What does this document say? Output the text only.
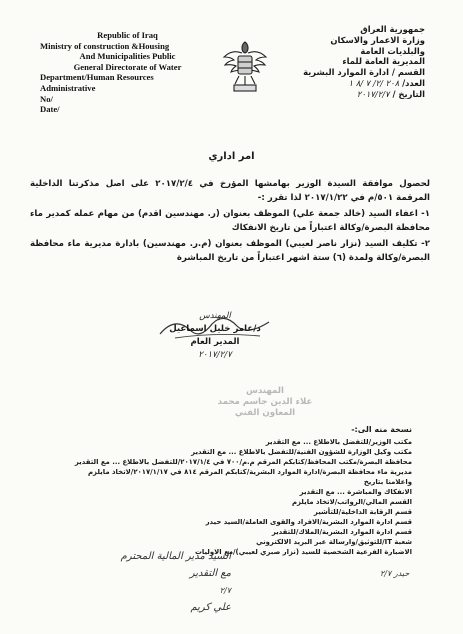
Republic of Iraq
Ministry of construction &Housing
And Municipalities Public
General Directorate of Water
Department/Human Resources
Administrative
No/
Date/
جمهورية العراق
وزارة الاعمار والاسكان
والبلديات العامة
المديرية العامة للماء
القسم / ادارة الموارد البشرية
العدد/ ٢٠٨ /٢/ ٧ /٨ ١
التاريخ / ٢٠١٧/٢/٧
امر اداري

لحصول موافقة السيدة الوزير بهامشها المؤرخ في ٢٠١٧/٢/٤ على اصل مذكرتنا الداخلية المرقمة ٥٠١/م في ٢٠١٧/١/٢٢ لذا تقرر :-

١- اعفاء السيد (خالد جمعة علي) الموظف بعنوان (ر. مهندسين اقدم) من مهام عمله كمدير ماء محافظة البصرة/وكالة اعتباراً من تاريخ الانفكاك

٢- تكليف السيد (نزار ناصر لعيبي) الموظف بعنوان (م.ر. مهندسين) بادارة مديرية ماء محافظة البصرة/وكالة ولمدة (٦) ستة اشهر اعتباراً من تاريخ المباشرة

المهندس
د/عامر خليل اسماعيل
المدير العام
٢٠١٧/٢/٧
المهندس
علاء الدين جاسم محمد
المعاون الفني
نسخة منه الى:-
مكتب الوزير/للتفضل بالاطلاع ... مع التقدير
مكتب وكيل الوزارة للشؤون الفنية/للتفضل بالاطلاع ... مع التقدير
محافظة البصرة/مكتب المحافظ/كتابكم المرقم م.م/٧٠٠ في ٢٠١٧/١/٤/للتفضل بالاطلاع ... مع التقدير
مديرية ماء محافظة البصرة/ادارة الموارد البشرية/كتابكم المرقم ٨١٤ في ٢٠١٧/١/١٧/لاتخاذ مايلزم واعلامنا بتاريخ
الانفكاك والمباشرة ... مع التقدير
القسم المالي/الرواتب/لاتخاذ مايلزم
قسم الرقابة الداخلية/للتأشير
قسم ادارة الموارد البشرية/الافراد والقوى العاملة/السيد حيدر
قسم ادارة الموارد البشرية/الملاك/للتقدير
شعبة IT/للتوثيق/وارسالة عبر البريد الالكتروني
الاضبارة الفرعية الشخصية للسيد (نزار صبري لعيبي)/مع الاوليات
السيد مدير المالية المحترم
مع التقدير
٢/٧
علي كريم
حيدر ٢/٧
